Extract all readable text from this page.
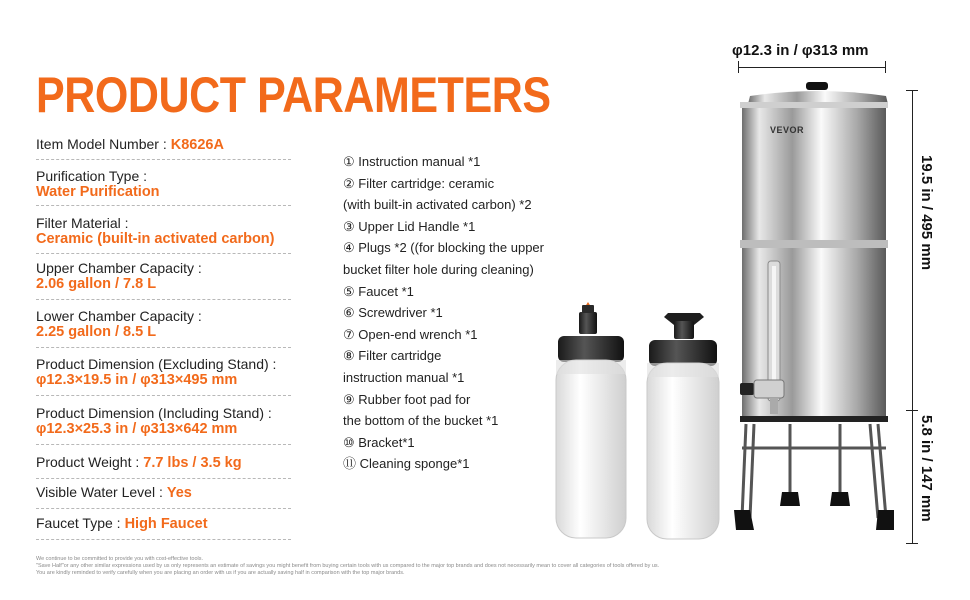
PRODUCT PARAMETERS
Item Model Number : K8626A
Purification Type :
Water Purification
Filter Material :
Ceramic (built-in activated carbon)
Upper Chamber Capacity :
2.06 gallon / 7.8 L
Lower Chamber Capacity :
2.25 gallon / 8.5 L
Product Dimension (Excluding Stand) :
φ12.3×19.5 in / φ313×495 mm
Product Dimension (Including Stand) :
φ12.3×25.3 in / φ313×642 mm
Product Weight : 7.7 lbs / 3.5 kg
Visible Water Level : Yes
Faucet Type : High Faucet
① Instruction manual *1
② Filter cartridge: ceramic
(with built-in activated carbon) *2
③ Upper Lid Handle *1
④ Plugs *2 ((for blocking the upper
bucket filter hole during cleaning)
⑤ Faucet *1
⑥ Screwdriver *1
⑦ Open-end wrench *1
⑧ Filter cartridge
instruction manual *1
⑨ Rubber foot pad for
the bottom of the bucket *1
⑩ Bracket*1
⑪ Cleaning sponge*1
VEVOR
φ12.3 in / φ313 mm
19.5 in / 495 mm
5.8 in / 147 mm
We continue to be committed to provide you with cost-effective tools.
"Save Half"or any other similar expressions used by us only represents an estimate of savings you might benefit from buying certain tools with us compared to the major top brands and does not necessarily mean to cover all categories of tools offered by us.
You are kindly reminded to verify carefully when you are placing an order with us if you are actually saving half in comparison with the top major brands.
